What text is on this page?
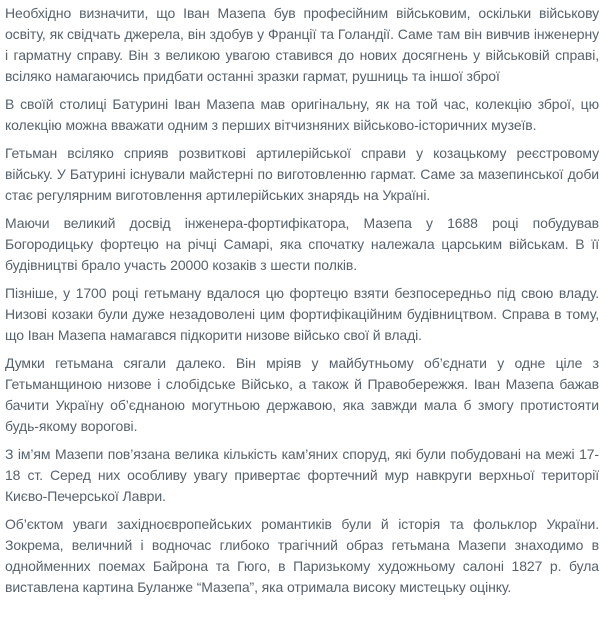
Необхідно визначити, що Іван Мазепа був професійним військовим, оскільки військову освіту, як свідчать джерела, він здобув у Франції та Голандії. Саме там він вивчив інженерну і гарматну справу. Він з великою увагою ставився до нових досягнень у військовій справі, всіляко намагаючись придбати останні зразки гармат, рушниць та іншої зброї

В своїй столиці Батурині Іван Мазепа мав оригінальну, як на той час, колекцію зброї, цю колекцію можна вважати одним з перших вітчизняних військово-історичних музеїв.

Гетьман всіляко сприяв розвиткові артилерійської справи у козацькому реєстровому війську. У Батурині існували майстерні по виготовленню гармат. Саме за мазепинської доби стає регулярним виготовлення артилерійських знарядь на Україні.

Маючи великий досвід інженера-фортифікатора, Мазепа у 1688 році побудував Богородицьку фортецю на річці Самарі, яка спочатку належала царським військам. В її будівництві брало участь 20000 козаків з шести полків.

Пізніше, у 1700 році гетьману вдалося цю фортецю взяти безпосередньо під свою владу. Низові козаки були дуже незадоволені цим фортифікаційним будівництвом. Справа в тому, що Іван Мазепа намагався підкорити низове військо свої й владі.

Думки гетьмана сягали далеко. Він мріяв у майбутньому об’єднати у одне ціле з Гетьманщиною низове і слобідське Військо, а також й Правобережжя. Іван Мазепа бажав бачити Україну об’єднаною могутньою державою, яка завжди мала б змогу протистояти будь-якому ворогові.

З ім’ям Мазепи пов’язана велика кількість кам’яних споруд, які були побудовані на межі 17-18 ст. Серед них особливу увагу привертає фортечний мур навкруги верхньої території Києво-Печерської Лаври.

Об’єктом уваги західноєвропейських романтиків були й історія та фольклор України. Зокрема, величний і водночас глибоко трагічний образ гетьмана Мазепи знаходимо в однойменних поемах Байрона та Гюго, в Паризькому художньому салоні 1827 р. була виставлена картина Буланже “Мазепа”, яка отримала високу мистецьку оцінку.
